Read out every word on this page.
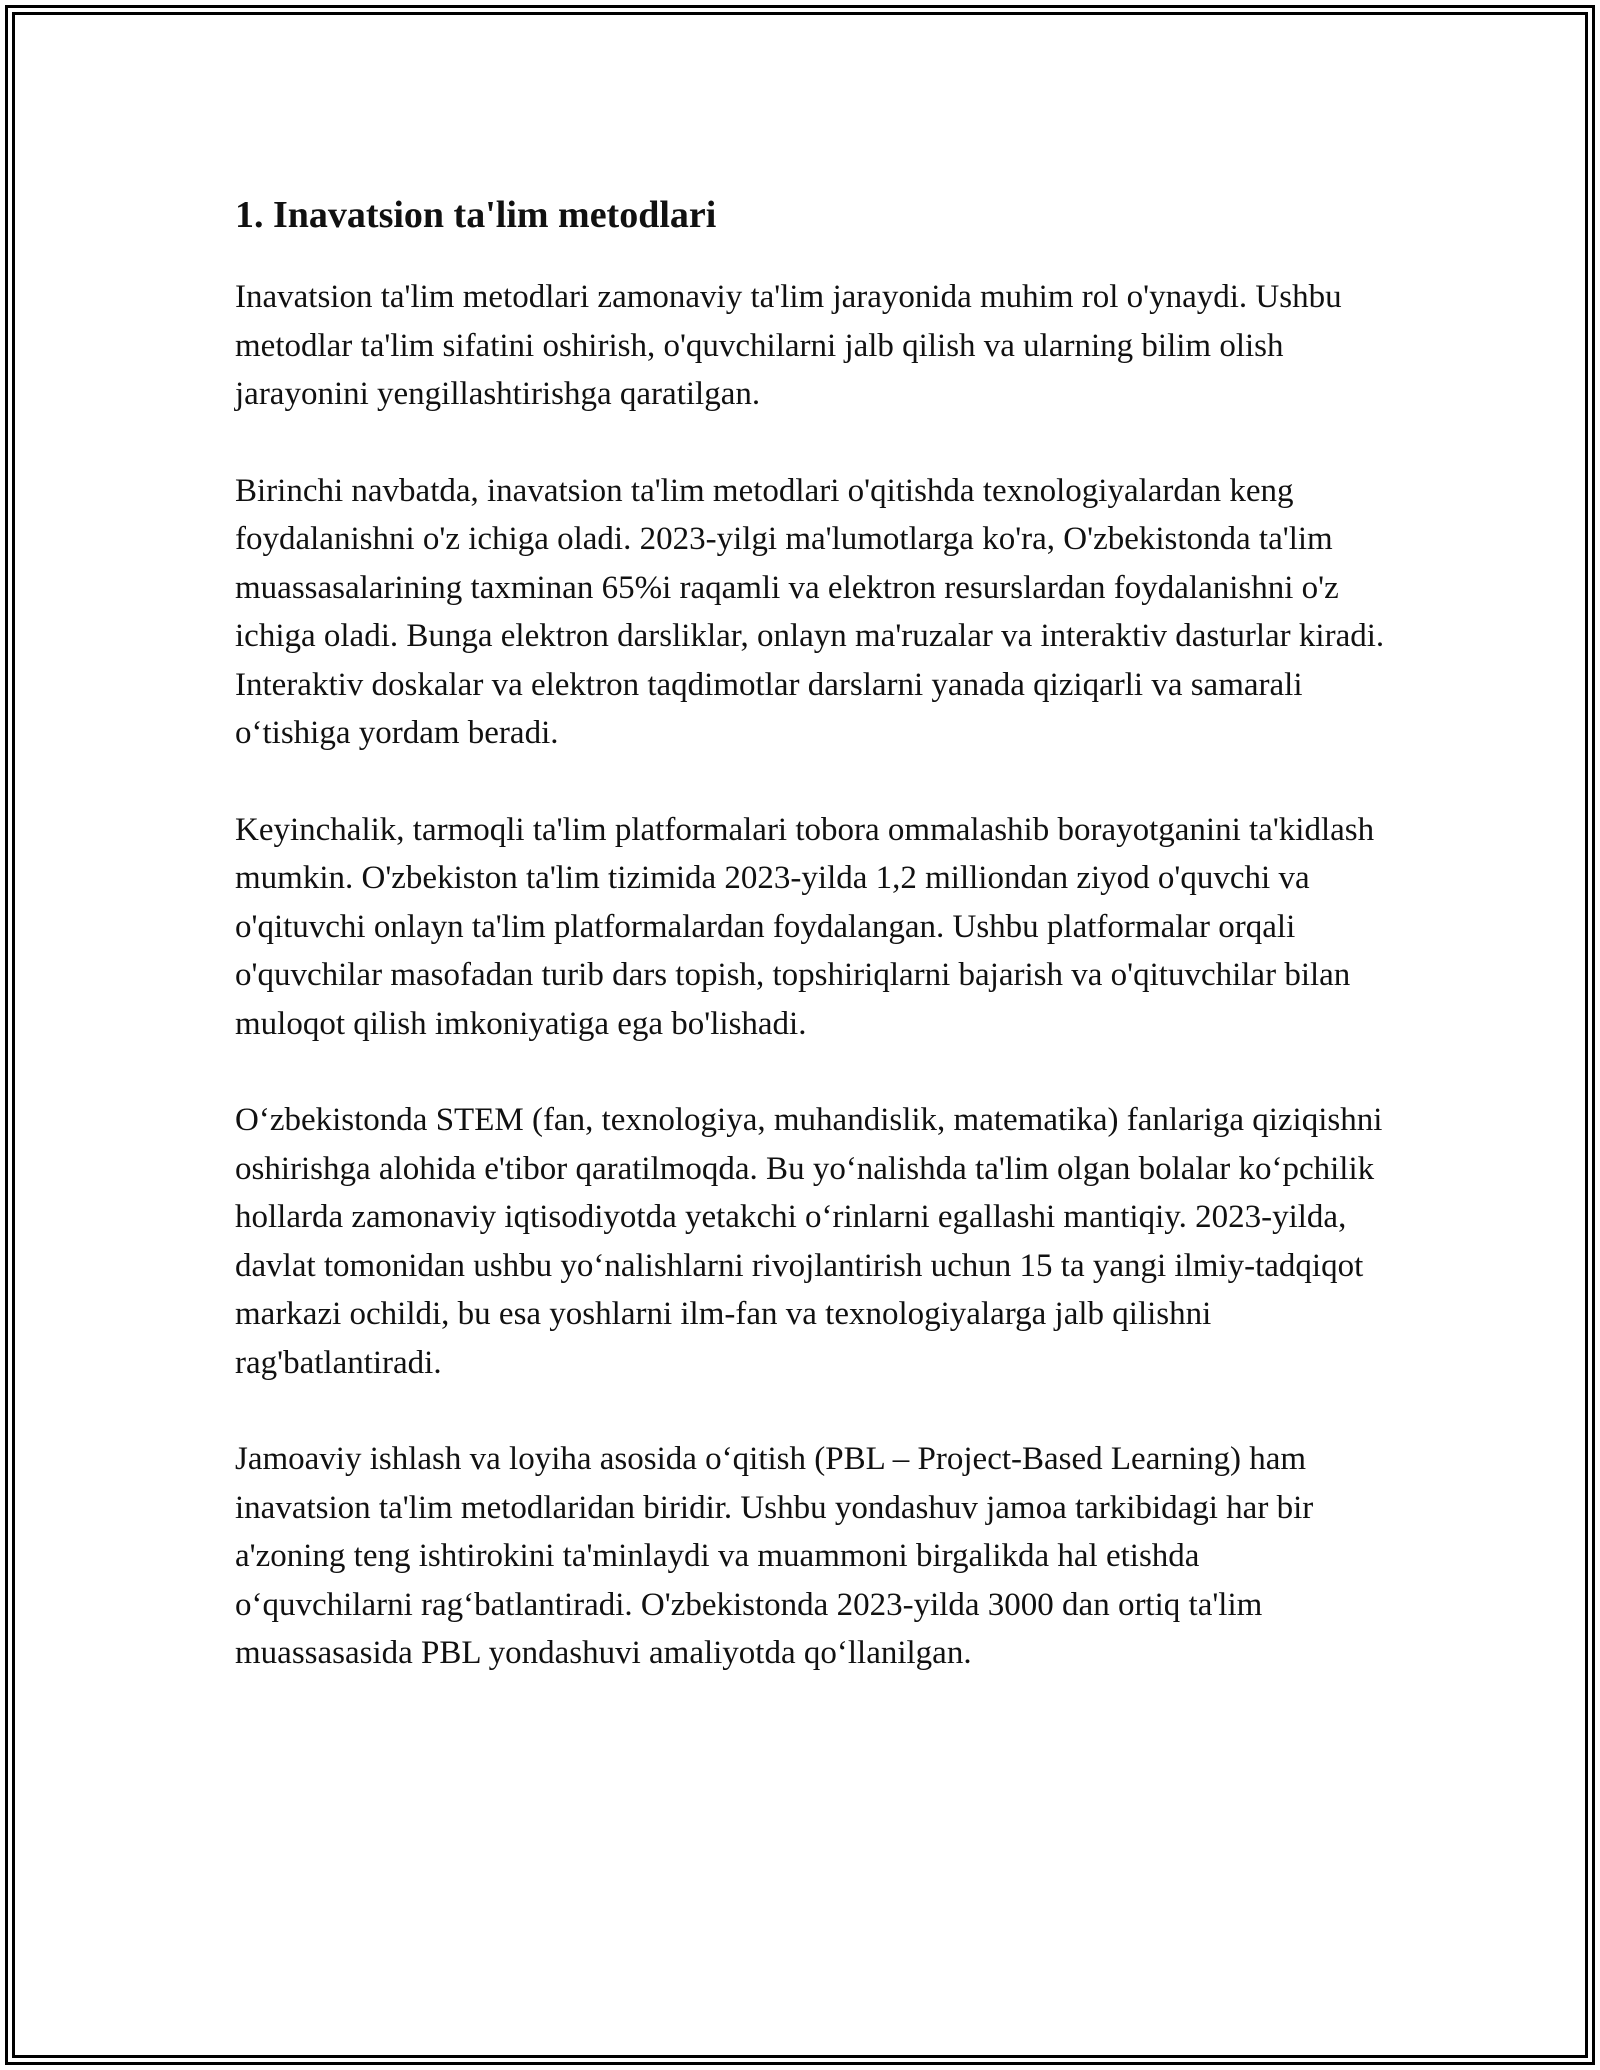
1. Inavatsion ta'lim metodlari

Inavatsion ta'lim metodlari zamonaviy ta'lim jarayonida muhim rol o'ynaydi. Ushbu metodlar ta'lim sifatini oshirish, o'quvchilarni jalb qilish va ularning bilim olish jarayonini yengillashtirishga qaratilgan.

Birinchi navbatda, inavatsion ta'lim metodlari o'qitishda texnologiyalardan keng foydalanishni o'z ichiga oladi. 2023-yilgi ma'lumotlarga ko'ra, O'zbekistonda ta'lim muassasalarining taxminan 65%i raqamli va elektron resurslardan foydalanishni o'z ichiga oladi. Bunga elektron darsliklar, onlayn ma'ruzalar va interaktiv dasturlar kiradi. Interaktiv doskalar va elektron taqdimotlar darslarni yanada qiziqarli va samarali o‘tishiga yordam beradi.

Keyinchalik, tarmoqli ta'lim platformalari tobora ommalashib borayotganini ta'kidlash mumkin. O'zbekiston ta'lim tizimida 2023-yilda 1,2 milliondan ziyod o'quvchi va o'qituvchi onlayn ta'lim platformalardan foydalangan. Ushbu platformalar orqali o'quvchilar masofadan turib dars topish, topshiriqlarni bajarish va o'qituvchilar bilan muloqot qilish imkoniyatiga ega bo'lishadi.

O‘zbekistonda STEM (fan, texnologiya, muhandislik, matematika) fanlariga qiziqishni oshirishga alohida e'tibor qaratilmoqda. Bu yo‘nalishda ta'lim olgan bolalar ko‘pchilik hollarda zamonaviy iqtisodiyotda yetakchi o‘rinlarni egallashi mantiqiy. 2023-yilda, davlat tomonidan ushbu yo‘nalishlarni rivojlantirish uchun 15 ta yangi ilmiy-tadqiqot markazi ochildi, bu esa yoshlarni ilm-fan va texnologiyalarga jalb qilishni rag'batlantiradi.

Jamoaviy ishlash va loyiha asosida o‘qitish (PBL – Project-Based Learning) ham inavatsion ta'lim metodlaridan biridir. Ushbu yondashuv jamoa tarkibidagi har bir a'zoning teng ishtirokini ta'minlaydi va muammoni birgalikda hal etishda o‘quvchilarni rag‘batlantiradi. O'zbekistonda 2023-yilda 3000 dan ortiq ta'lim muassasasida PBL yondashuvi amaliyotda qo‘llanilgan.
